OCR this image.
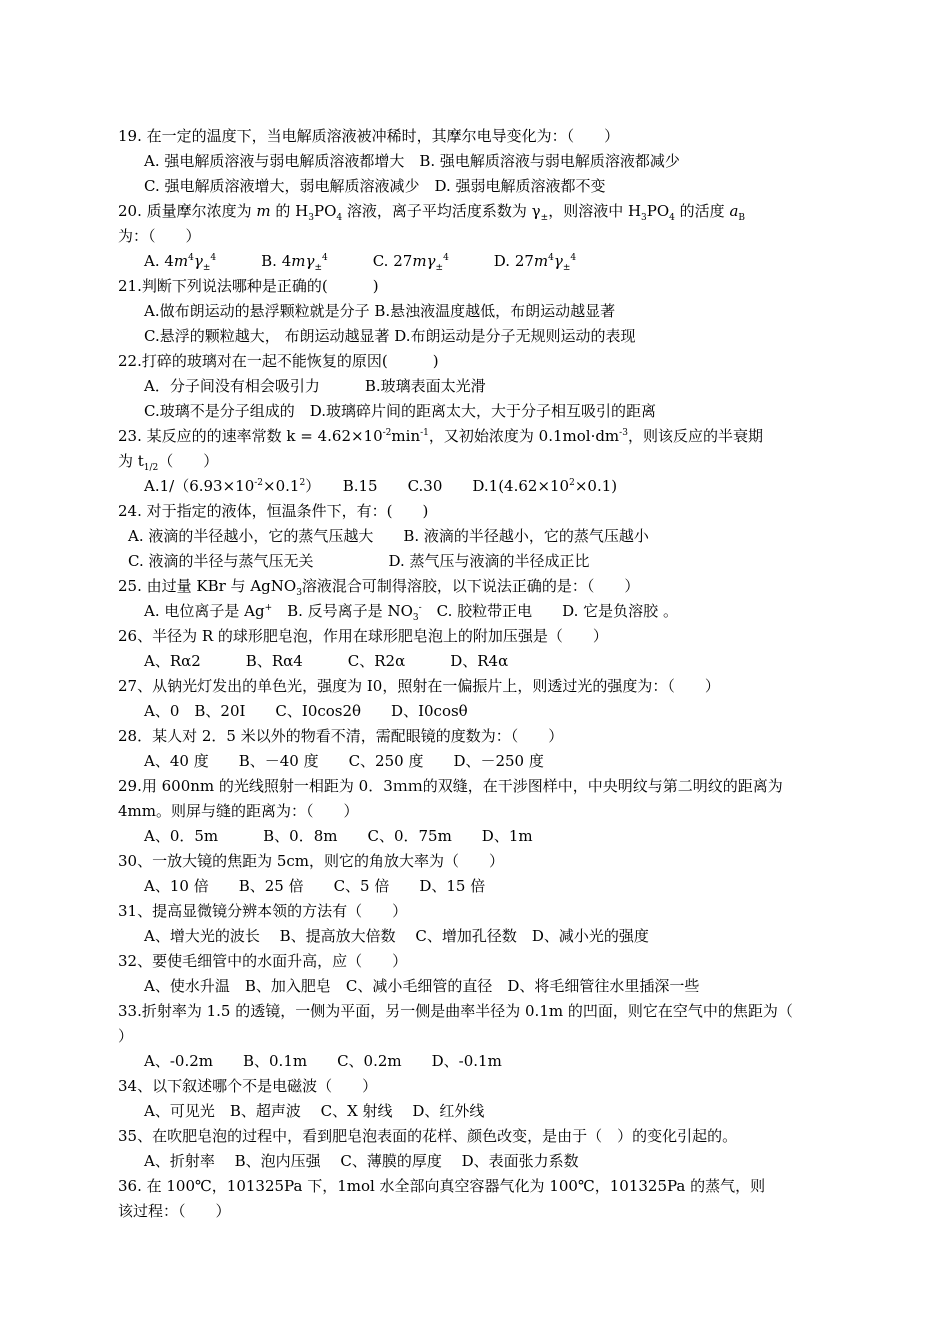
19. 在一定的温度下，当电解质溶液被冲稀时，其摩尔电导变化为：（　　）
A. 强电解质溶液与弱电解质溶液都增大　B. 强电解质溶液与弱电解质溶液都减少
C. 强电解质溶液增大，弱电解质溶液减少　D. 强弱电解质溶液都不变
20. 质量摩尔浓度为 m 的 $H_3PO_4$ 溶液，离子平均活度系数为 $\gamma_\pm$，则溶液中 $H_3PO_4$ 的活度 $a_B$
为：（　　）
A. $4m^4\gamma_\pm^4$　　　B. $4m\gamma_\pm^4$　　　C. $27m\gamma_\pm^4$　　　D. $27m^4\gamma_\pm^4$
21.判断下列说法哪种是正确的(　　　)
A.做布朗运动的悬浮颗粒就是分子 B.悬浊液温度越低，布朗运动越显著
C.悬浮的颗粒越大， 布朗运动越显著 D.布朗运动是分子无规则运动的表现
22.打碎的玻璃对在一起不能恢复的原因(　　　)
A．分子间没有相会吸引力　　　B.玻璃表面太光滑
C.玻璃不是分子组成的　D.玻璃碎片间的距离太大，大于分子相互吸引的距离
23. 某反应的的速率常数 $k = 4.62\times 10^{-2}\min^{-1}$，又初始浓度为 $0.1mol\cdot dm^{-3}$，则该反应的半衰期
为 $t_{1/2}$（　　）
$A.1/(6.93\times 10^{-2}\times 0.1^2)$　　B.15　　C.30　　$D.1(4.62\times 10^2\times 0.1)$
24. 对于指定的液体，恒温条件下，有：(　　)
A. 液滴的半径越小，它的蒸气压越大　　B. 液滴的半径越小，它的蒸气压越小
C. 液滴的半径与蒸气压无关　　　　　D. 蒸气压与液滴的半径成正比
25. 由过量 KBr 与 AgNO$_3$溶液混合可制得溶胶，以下说法正确的是：（　　）
A. 电位离子是 Ag+　B. 反号离子是 $NO_3^-$　C. 胶粒带正电　　D. 它是负溶胶 。
26、半径为 R 的球形肥皂泡，作用在球形肥皂泡上的附加压强是（　　）
A、Rα2　　　B、Rα4　　　C、R2α　　　D、R4α
27、从钠光灯发出的单色光，强度为 I0，照射在一偏振片上，则透过光的强度为：（　　）
A、0　B、20I　　C、I0cos2θ　　D、I0cosθ
28．某人对 2．5 米以外的物看不清，需配眼镜的度数为：（　　）
A、40 度　　B、－40 度　　C、250 度　　D、－250 度
29.用 600nm 的光线照射一相距为 0．3ｍｍ的双缝，在干涉图样中，中央明纹与第二明纹的距离为
4mm。则屏与缝的距离为：（　　）
A、0．5m　　　B、0．8m　　C、0．75m　　D、1m
30、一放大镜的焦距为 5cm，则它的角放大率为（　　）
A、10 倍　　B、25 倍　　C、5 倍　　D、15 倍
31、提高显微镜分辨本领的方法有（　　）
A、增大光的波长　 B、提高放大倍数　 C、增加孔径数　D、减小光的强度
32、要使毛细管中的水面升高，应（　　）
A、使水升温　B、加入肥皂　C、减小毛细管的直径　D、将毛细管往水里插深一些
33.折射率为 1.5 的透镜，一侧为平面，另一侧是曲率半径为 0.1m 的凹面，则它在空气中的焦距为（
）
A、-0.2m　　B、0.1m　　C、0.2m　　D、-0.1m
34、以下叙述哪个不是电磁波（　　）
A、可见光　B、超声波　 C、X 射线　 D、红外线
35、在吹肥皂泡的过程中，看到肥皂泡表面的花样、颜色改变，是由于（　）的变化引起的。
A、折射率　 B、泡内压强　 C、薄膜的厚度　 D、表面张力系数
36. 在 100℃，101325Pa 下，1mol 水全部向真空容器气化为 100℃，101325Pa 的蒸气，则
该过程：（　　）
